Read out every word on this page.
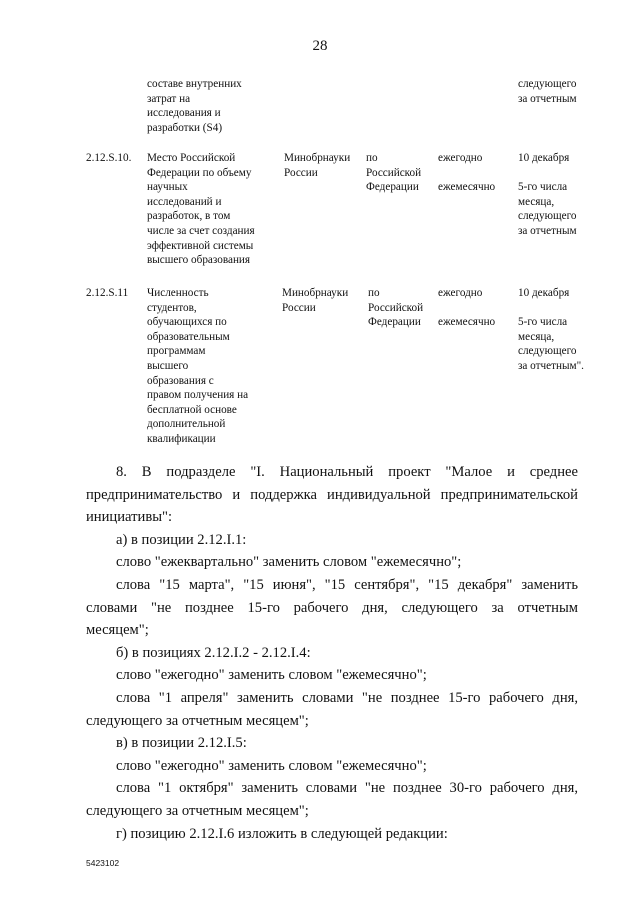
28
составе внутренних
затрат на
исследования и
разработки (S4)
следующего
за отчетным
2.12.S.10.	Место Российской
Федерации по объему
научных
исследований и
разработок, в том
числе за счет создания
эффективной системы
высшего образования
Минобрнауки
России
по
Российской
Федерации
ежегодно
ежемесячно
10 декабря
5-го числа
месяца,
следующего
за отчетным
2.12.S.11	Численность
студентов,
обучающихся по
образовательным
программам
высшего
образования с
правом получения на
бесплатной основе
дополнительной
квалификации
Минобрнауки
России
по
Российской
Федерации
ежегодно
ежемесячно
10 декабря
5-го числа
месяца,
следующего
за отчетным".
8. В подразделе "I. Национальный проект "Малое и среднее
предпринимательство и поддержка индивидуальной предпринимательской
инициативы":
а) в позиции 2.12.I.1:
слово "ежеквартально" заменить словом "ежемесячно";
слова "15 марта", "15 июня", "15 сентября", "15 декабря" заменить
словами "не позднее 15-го рабочего дня, следующего за отчетным
месяцем";
б) в позициях 2.12.I.2 - 2.12.I.4:
слово "ежегодно" заменить словом "ежемесячно";
слова "1 апреля" заменить словами "не позднее 15-го рабочего дня,
следующего за отчетным месяцем";
в) в позиции 2.12.I.5:
слово "ежегодно" заменить словом "ежемесячно";
слова "1 октября" заменить словами "не позднее 30-го рабочего дня,
следующего за отчетным месяцем";
г) позицию 2.12.I.6 изложить в следующей редакции:
5423102
